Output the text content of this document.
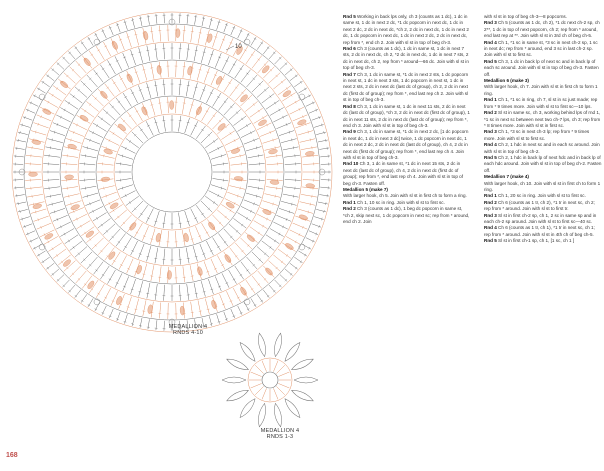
10
MEDALLION 4
RNDS 4-10
MEDALLION 4
RNDS 1-3
168

Rnd 5 Working in back lps only, ch 3 (counts as 1 dc), 1 dc in same st, 1 dc in next 2 dc, *1 dc popcorn in next dc, 1 dc in next 2 dc, 2 dc in next dc, *ch 2, 2 dc in next dc, 1 dc in next 2 dc, 1 dc popcorn in next dc, 1 dc in next 2 dc, 2 dc in next dc, rep from *, end ch 2. Join with sl st in top of beg ch-3.

Rnd 6 Ch 3 (counts as 1 dc), 1 dc in same st, 1 dc in next 7 sts, 2 dc in next dc, ch 2, *2 dc in next dc, 1 dc in next 7 sts, 2 dc in next dc, ch 2, rep from * around—66 dc. Join with sl st in top of beg ch-3.

Rnd 7 Ch 3, 1 dc in same st, *1 dc in next 2 sts, 1 dc popcorn in next st, 1 dc in next 3 sts, 1 dc popcorn in next st, 1 dc in next 2 sts, 2 dc in next dc (last dc of group), ch 2, 2 dc in next dc (first dc of group); rep from *, end last rep ch 2. Join with sl st in top of beg ch-3.

Rnd 8 Ch 3, 1 dc in same st, 1 dc in next 11 sts, 2 dc in next dc (last dc of group), *ch 3, 2 dc in next dc (first dc of group), 1 dc in next 11 sts, 2 dc in next dc (last dc of group); rep from *, end ch 3. Join with sl st in top of beg ch-3.

Rnd 9 Ch 3, 1 dc in same st, *1 dc in next 2 dc, [1 dc popcorn in next dc, 1 dc in next 3 dc] twice, 1 dc popcorn in next dc, 1 dc in next 2 dc, 2 dc in next dc (last dc of group), ch 4, 2 dc in next dc (first dc of group); rep from *, end last rep ch 4. Join with sl st in top of beg ch-3.

Rnd 10 Ch 3, 1 dc in same st, *1 dc in next 15 sts, 2 dc in next dc (last dc of group), ch 4, 2 dc in next dc (first dc of group); rep from *, end last rep ch 4. Join with sl st in top of beg ch-3. Fasten off.

Medallion 5 (make 7)

With larger hook, ch 5. Join with sl st in first ch to form a ring.

Rnd 1 Ch 1, 10 sc in ring. Join with sl st to first sc.

Rnd 2 Ch 3 (counts as 1 dc), 1 beg dc popcorn in same st, *ch 2, skip next sc, 1 dc popcorn in next sc; rep from * around, end ch 2. Join

with sl st in top of beg ch-3—8 popcorns.

Rnd 3 Ch 5 (counts as 1 dc, ch 2), *1 dc next ch-2 sp, ch 2**, 1 dc in top of next popcorn, ch 2; rep from * around, end last rep at **. Join with sl st in 3rd ch of beg ch-5.

Rnd 4 Ch 1, *1 sc in same st, *3 sc in next ch-2 sp, 1 sc in next dc; rep from * around, end 3 sc in last ch-2 sp. Join with sl st to first sc.

Rnd 5 Ch 3, 1 dc in back lp of next sc and in back lp of each sc around. Join with sl st in top of beg ch-3. Fasten off.

Medallion 6 (make 3)

With larger hook, ch 7. Join with sl st in first ch to form 1 ring.

Rnd 1 Ch 1, *1 sc in ring, ch 7, sl st in sc just made; rep from * 9 times more. Join with sl st to first sc—10 lps.

Rnd 2 Sl st in same sc, ch 3, working behind lps of rnd 1, *1 sc in next sc between next two ch-7 lps, ch 3; rep from * 8 times more. Join with sl st in first sc.

Rnd 3 Ch 1, *3 sc in next ch-3 lp; rep from * 9 times more. Join with sl st to first sc.

Rnd 4 Ch 2, 1 hdc in next sc and in each sc around. Join with sl st in top of beg ch-2.

Rnd 5 Ch 2, 1 hdc in back lp of next hdc and in back lp of each hdc around. Join with sl st in top of beg ch-2. Fasten off.

Medallion 7 (make 4)

With larger hook, ch 10. Join with sl st in first ch to form 1 ring.

Rnd 1 Ch 1, 20 sc in ring. Join with sl st to first sc.

Rnd 2 Ch 6 (counts as 1 tr, ch 2), *1 tr in next sc, ch 2; rep from * around. Join with sl st to first tr.

Rnd 3 Sl st in first ch-2 sp, ch 1, 2 sc in same sp and in each ch-2 sp around. Join with sl st to first sc—40 sc.

Rnd 4 Ch 6 (counts as 1 tr, ch 1), *1 tr in next sc, ch 1; rep from * around. Join with sl st in 4th ch of beg ch-5.

Rnd 5 Sl st in first ch-1 sp, ch 1, [1 sc, ch 1 ]
